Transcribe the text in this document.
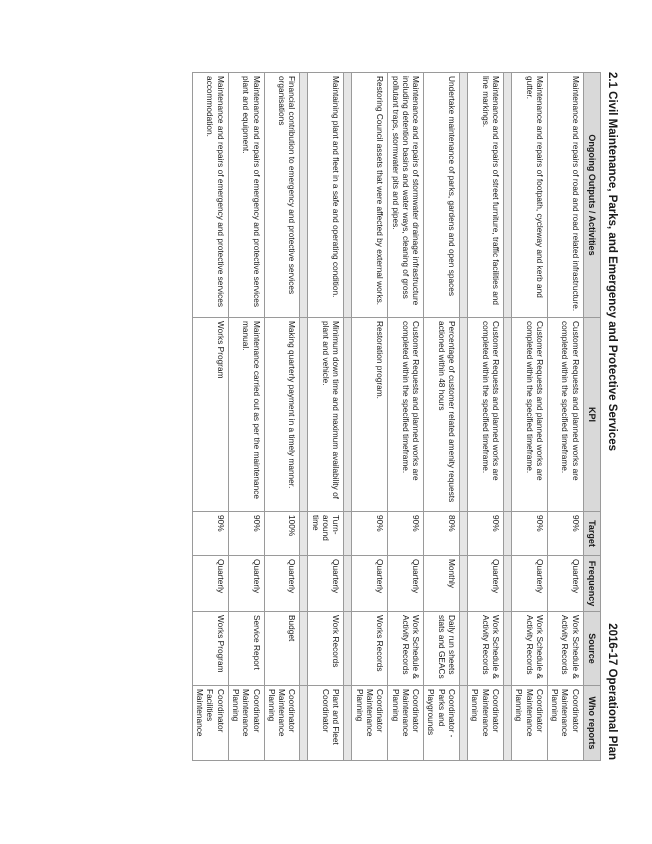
2.1 Civil Maintenance, Parks, and Emergency and Protective Services
2016-17 Operational Plan
Ongoing Outputs / Activities	KPI	Target	Frequency	Source	Who reports
Maintenance and repairs of road and road related infrastructure.	Customer Requests and planned works are completed within the specified timeframe.	90%	Quarterly	Work Schedule & Activity Records	Coordinator Maintenance Planning
Maintenance and repairs of footpath, cycleway and kerb and gutter.	Customer Requests and planned works are completed within the specified timeframe.	90%	Quarterly	Work Schedule & Activity Records	Coordinator Maintenance Planning

Maintenance and repairs of street furniture, traffic facilities and line markings.	Customer Requests and planned works are completed within the specified timeframe.	90%	Quarterly	Work Schedule & Activity Records	Coordinator Maintenance Planning

Undertake maintenance of parks, gardens and open spaces	Percentage of customer related amenity requests actioned within 48 hours	80%	Monthly	Daily run sheets stats and GEACs	Coordinator - Parks and Playgrounds
Maintenance and repairs of stormwater drainage infrastructure including detention basins and water ways, cleaning of gross pollutant traps, stormwater pits and pipes.	Customer Requests and planned works are completed within the specified timeframe.	90%	Quarterly	Work Schedule & Activity Records	Coordinator Maintenance Planning
Restoring Council assets that were affected by external works.	Restoration program.	90%	Quarterly	Works Records	Coordinator Maintenance Planning

Maintaining plant and fleet in a safe and operating condition.	Minimum down time and maximum availability of plant and vehicle.	Turn-around time	Quarterly	Work Records	Plant and Fleet Coordinator

Financial contribution to emergency and protective services organisations	Making quarterly payment in a timely manner.	100%	Quarterly	Budget	Coordinator Maintenance Planning
Maintenance and repairs of emergency and protective services plant and equipment.	Maintenance carried out as per the maintenance manual.	90%	Quarterly	Service Report	Coordinator Maintenance Planning
Maintenance and repairs of emergency and protective services accommodation.	Works Program	90%	Quarterly	Works Program	Coordinator Facilities Maintenance
